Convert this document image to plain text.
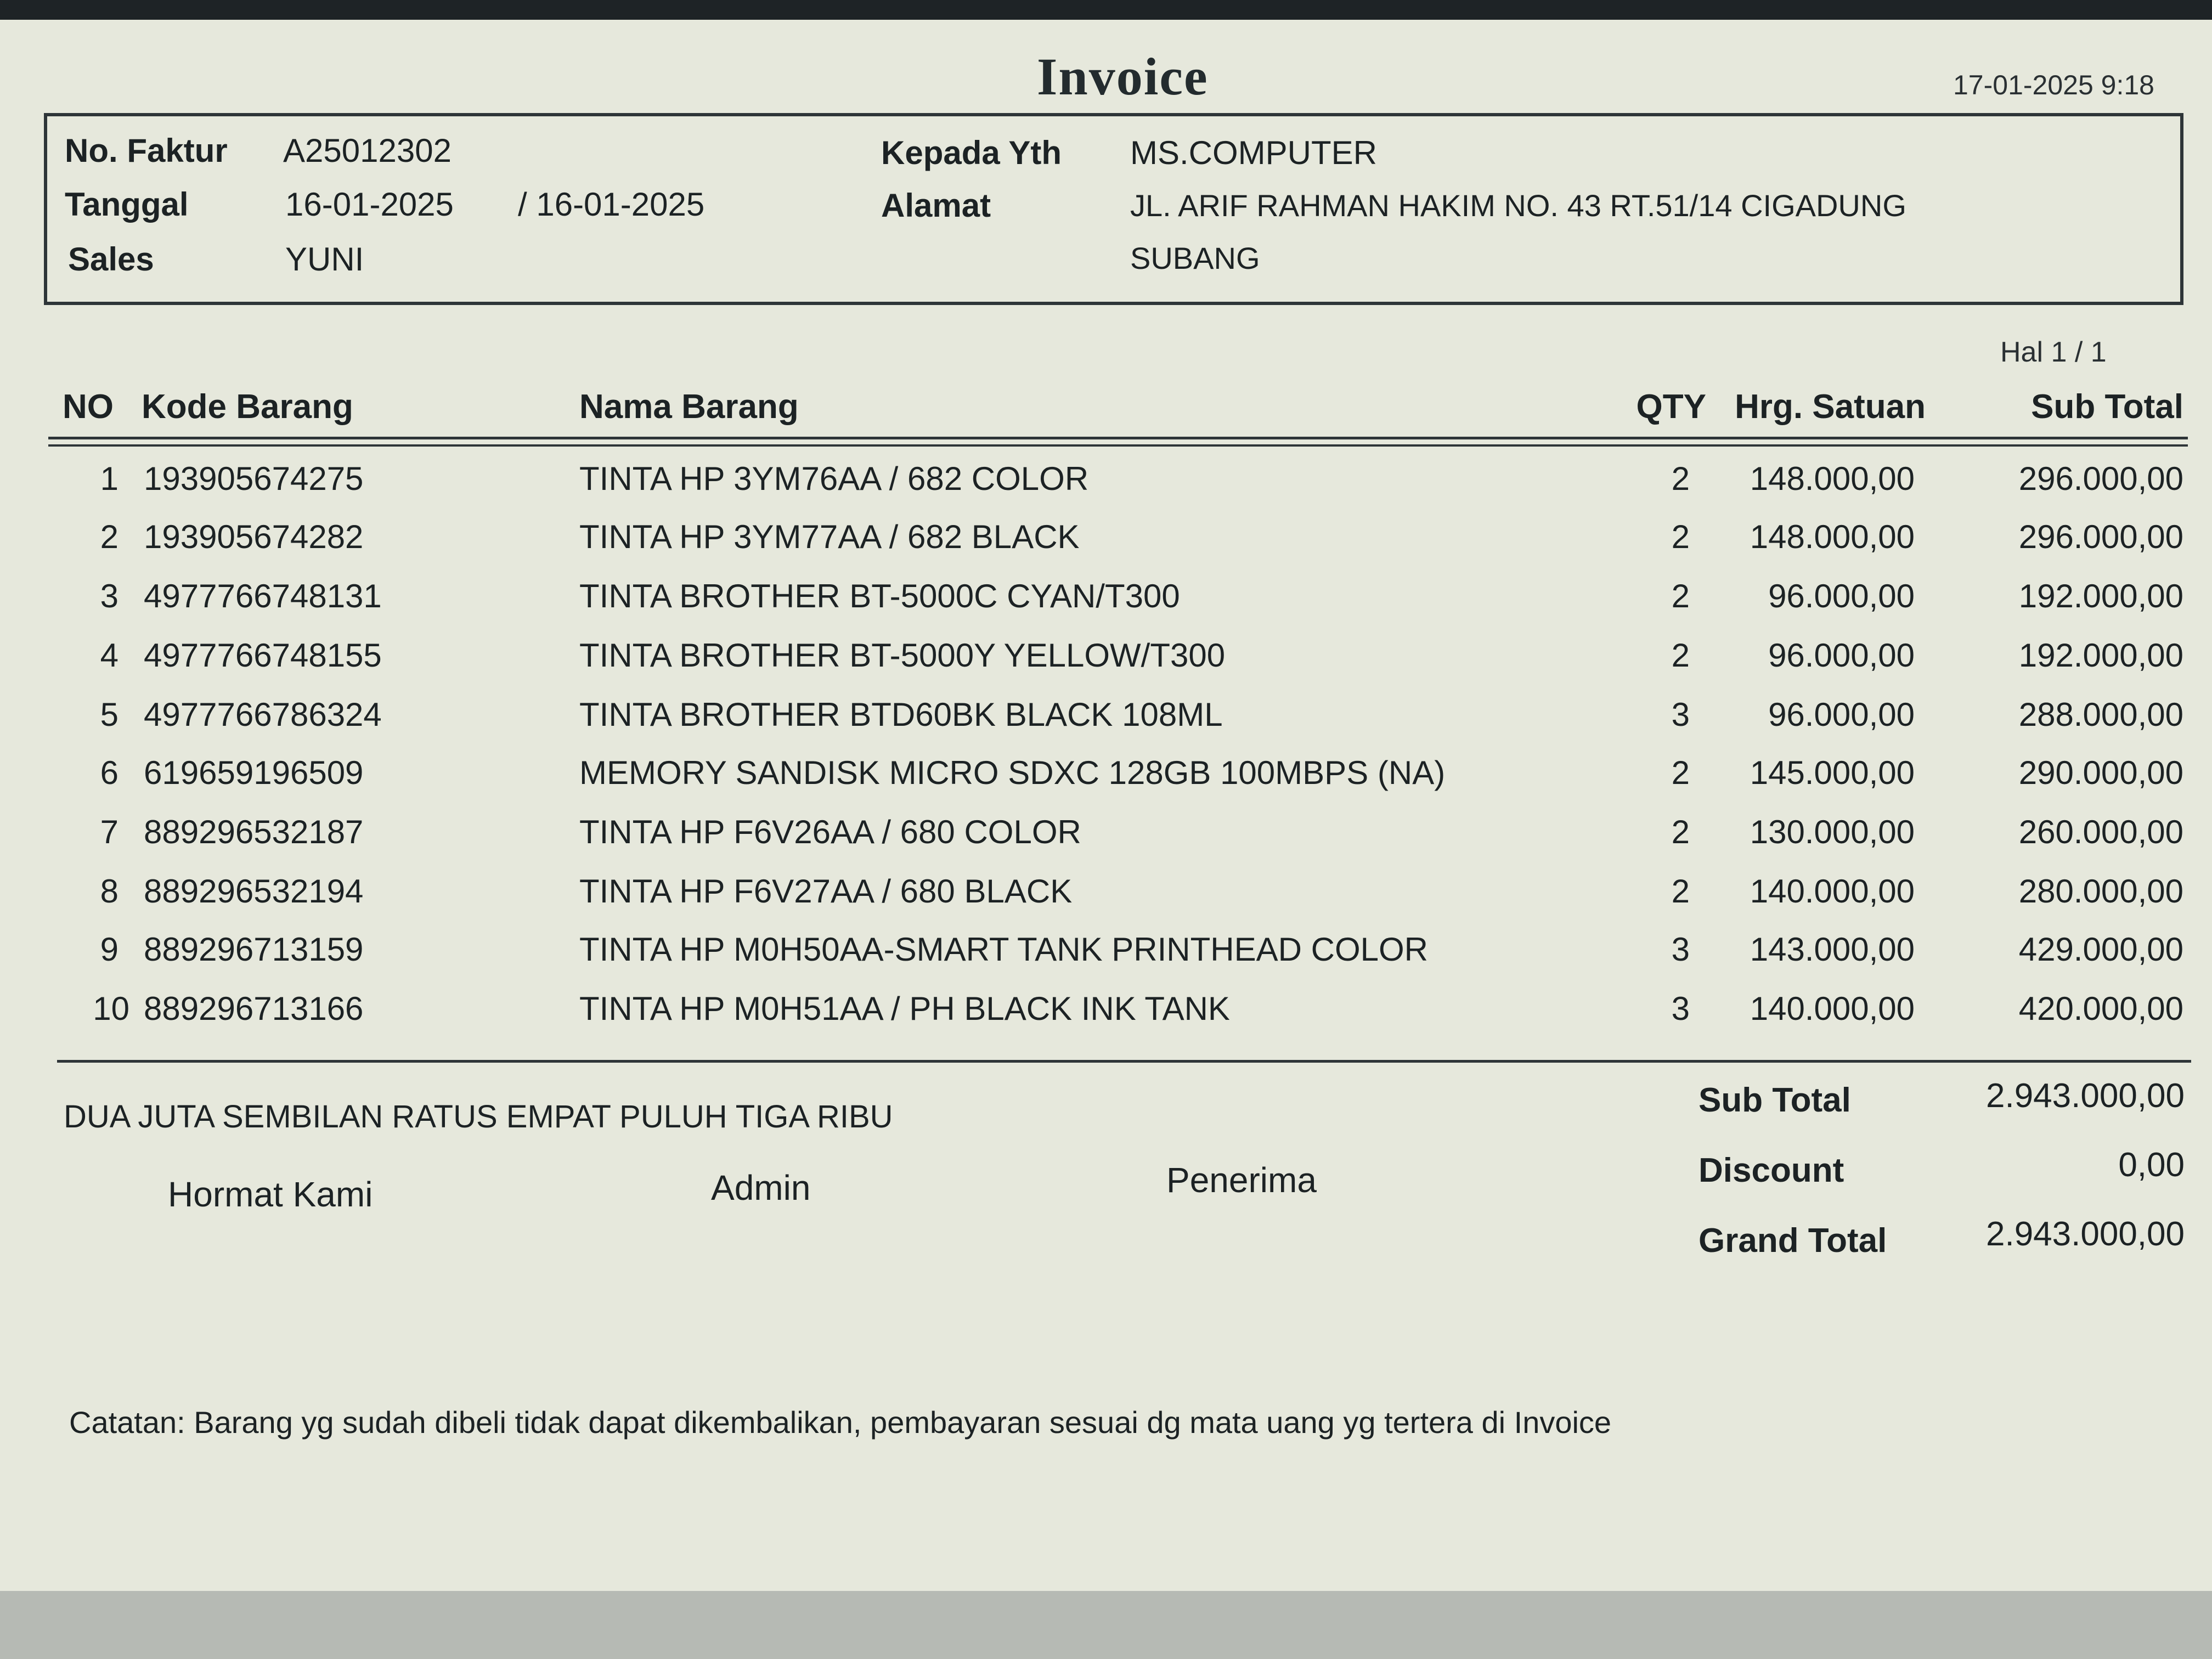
Invoice	17-01-2025 9:18
No. Faktur A25012302
Tanggal	16-01-2025 / 16-01-2025
Sales	YUNI
Kepada Yth MS.COMPUTER
Alamat	JL. ARIF RAHMAN HAKIM NO. 43 RT.51/14 CIGADUNG
SUBANG
Hal 1 / 1
NO Kode Barang	Nama Barang	QTY Hrg. Satuan	Sub Total
1 193905674275	TINTA HP 3YM76AA / 682 COLOR	2	148.000,00	296.000,00
2 193905674282	TINTA HP 3YM77AA / 682 BLACK	2	148.000,00	296.000,00
3 4977766748131	TINTA BROTHER BT-5000C CYAN/T300	2	96.000,00	192.000,00
4 4977766748155	TINTA BROTHER BT-5000Y YELLOW/T300	2	96.000,00	192.000,00
5 4977766786324	TINTA BROTHER BTD60BK BLACK 108ML	3	96.000,00	288.000,00
6 619659196509	MEMORY SANDISK MICRO SDXC 128GB 100MBPS (NA)	2	145.000,00	290.000,00
7 889296532187	TINTA HP F6V26AA / 680 COLOR	2	130.000,00	260.000,00
8 889296532194	TINTA HP F6V27AA / 680 BLACK	2	140.000,00	280.000,00
9 889296713159	TINTA HP M0H50AA-SMART TANK PRINTHEAD COLOR	3	143.000,00	429.000,00
10 889296713166	TINTA HP M0H51AA / PH BLACK INK TANK	3	140.000,00	420.000,00
DUA JUTA SEMBILAN RATUS EMPAT PULUH TIGA RIBU
Hormat Kami	Admin	Penerima
Sub Total	2.943.000,00
Discount	0,00
Grand Total	2.943.000,00
Catatan: Barang yg sudah dibeli tidak dapat dikembalikan, pembayaran sesuai dg mata uang yg tertera di Invoice
